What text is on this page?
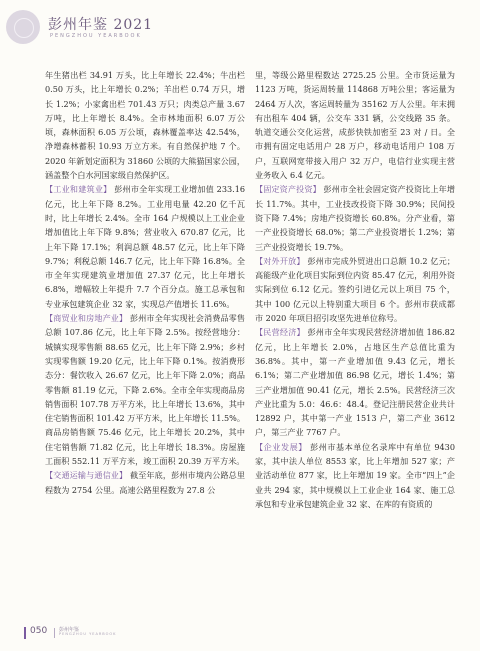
彭州年鉴 2021
PENGZHOU YEARBOOK

年生猪出栏 34.91 万头，比上年增长 22.4%；牛出栏 0.50 万头，比上年增长 0.2%；羊出栏 0.74 万只，增长 1.2%；小家禽出栏 701.43 万只；肉类总产量 3.67 万吨，比上年增长 8.4%。全市林地面积 6.07 万公顷，森林面积 6.05 万公顷，森林覆盖率达 42.54%，净增森林蓄积 10.93 万立方米。有自然保护地 7 个。2020 年新划定面积为 31860 公顷的大熊猫国家公园，涵盖整个白水河国家级自然保护区。

【工业和建筑业】 彭州市全年实现工业增加值 233.16 亿元，比上年下降 8.2%。工业用电量 42.20 亿千瓦时，比上年增长 2.4%。全市 164 户规模以上工业企业增加值比上年下降 9.8%；营业收入 670.87 亿元，比上年下降 17.1%；利润总额 48.57 亿元，比上年下降 9.7%；利税总额 146.7 亿元，比上年下降 16.8%。全市全年实现建筑业增加值 27.37 亿元，比上年增长 6.8%，增幅较上年提升 7.7 个百分点。施工总承包和专业承包建筑企业 32 家，实现总产值增长 11.6%。

【商贸业和房地产业】 彭州市全年实现社会消费品零售总额 107.86 亿元，比上年下降 2.5%。按经营地分：城镇实现零售额 88.65 亿元，比上年下降 2.9%；乡村实现零售额 19.20 亿元，比上年下降 0.1%。按消费形态分：餐饮收入 26.67 亿元，比上年下降 2.0%；商品零售额 81.19 亿元，下降 2.6%。全市全年实现商品房销售面积 107.78 万平方米，比上年增长 13.6%，其中住宅销售面积 101.42 万平方米，比上年增长 11.5%。商品房销售额 75.46 亿元，比上年增长 20.2%，其中住宅销售额 71.82 亿元，比上年增长 18.3%。房屋施工面积 552.11 万平方米，竣工面积 20.39 万平方米。

【交通运输与通信业】 截至年底，彭州市境内公路总里程数为 2754 公里。高速公路里程数为 27.8 公

里，等级公路里程数达 2725.25 公里。全市货运量为 1123 万吨，货运周转量 114868 万吨公里；客运量为 2464 万人次，客运周转量为 35162 万人公里。年末拥有出租车 404 辆，公交车 331 辆，公交线路 35 条。轨道交通公交化运营，成彭快铁加密至 23 对 / 日。全市拥有固定电话用户 28 万户，移动电话用户 108 万户，互联网宽带接入用户 32 万户，电信行业实现主营业务收入 6.4 亿元。

【固定资产投资】 彭州市全社会固定资产投资比上年增长 11.7%。其中，工业技改投资下降 30.9%；民间投资下降 7.4%；房地产投资增长 60.8%。分产业看，第一产业投资增长 68.0%；第二产业投资增长 1.2%；第三产业投资增长 19.7%。

【对外开放】 彭州市完成外贸进出口总额 10.2 亿元；高能级产业化项目实际到位内资 85.47 亿元，利用外资实际到位 6.12 亿元。签约引进亿元以上项目 75 个，其中 100 亿元以上特别重大项目 6 个。彭州市获成都市 2020 年项目招引攻坚先进单位称号。

【民营经济】 彭州市全年实现民营经济增加值 186.82 亿元，比上年增长 2.0%，占地区生产总值比重为 36.8%。其中，第一产业增加值 9.43 亿元，增长 6.1%；第二产业增加值 86.98 亿元，增长 1.4%；第三产业增加值 90.41 亿元，增长 2.5%。民营经济三次产业比重为 5.0：46.6：48.4。登记注册民营企业共计 12892 户，其中第一产业 1513 户，第二产业 3612 户，第三产业 7767 户。

【企业发展】 彭州市基本单位名录库中有单位 9430 家，其中法人单位 8553 家，比上年增加 527 家；产业活动单位 877 家，比上年增加 19 家。全市“四上”企业共 294 家，其中规模以上工业企业 164 家、施工总承包和专业承包建筑企业 32 家、在库的有资质的

050 彭州年鉴
PENGZHOU YEARBOOK
